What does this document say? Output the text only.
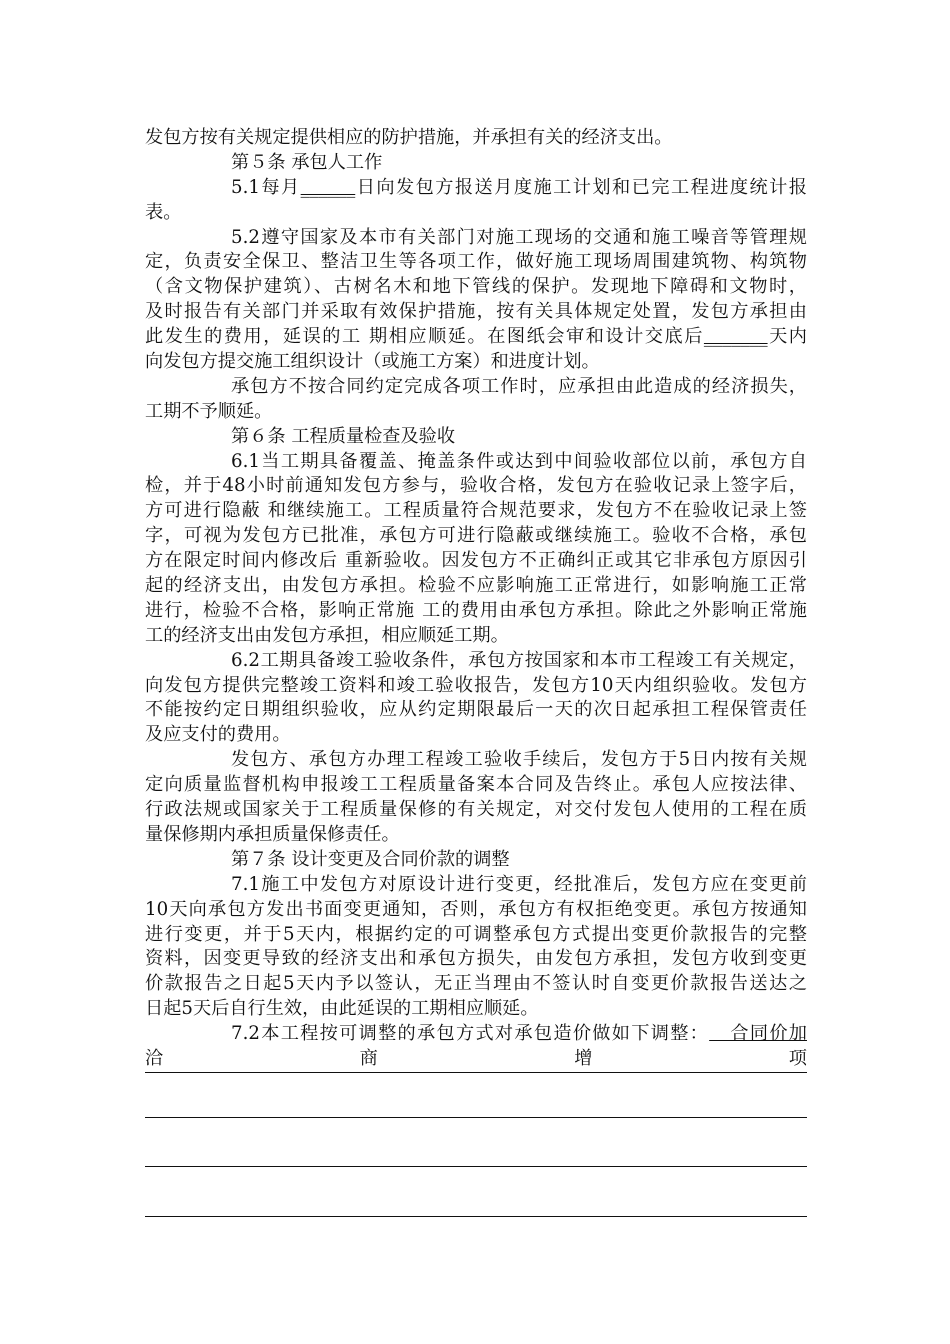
发包方按有关规定提供相应的防护措施，并承担有关的经济支出。
第５条 承包人工作
5.1每月______日向发包方报送月度施工计划和已完工程进度统计报
表。
5.2遵守国家及本市有关部门对施工现场的交通和施工噪音等管理规
定，负责安全保卫、整洁卫生等各项工作，做好施工现场周围建筑物、构筑物
（含文物保护建筑）、古树名木和地下管线的保护。发现地下障碍和文物时，
及时报告有关部门并采取有效保护措施，按有关具体规定处置，发包方承担由
此发生的费用，延误的工 期相应顺延。在图纸会审和设计交底后_______天内
向发包方提交施工组织设计（或施工方案）和进度计划。
承包方不按合同约定完成各项工作时，应承担由此造成的经济损失，
工期不予顺延。
第６条 工程质量检查及验收
6.1当工期具备覆盖、掩盖条件或达到中间验收部位以前，承包方自
检，并于48小时前通知发包方参与，验收合格，发包方在验收记录上签字后，
方可进行隐蔽 和继续施工。工程质量符合规范要求，发包方不在验收记录上签
字，可视为发包方已批准，承包方可进行隐蔽或继续施工。验收不合格，承包
方在限定时间内修改后 重新验收。因发包方不正确纠正或其它非承包方原因引
起的经济支出，由发包方承担。检验不应影响施工正常进行，如影响施工正常
进行，检验不合格，影响正常施 工的费用由承包方承担。除此之外影响正常施
工的经济支出由发包方承担，相应顺延工期。
6.2工期具备竣工验收条件，承包方按国家和本市工程竣工有关规定，
向发包方提供完整竣工资料和竣工验收报告，发包方10天内组织验收。发包方
不能按约定日期组织验收，应从约定期限最后一天的次日起承担工程保管责任
及应支付的费用。
发包方、承包方办理工程竣工验收手续后，发包方于5日内按有关规
定向质量监督机构申报竣工工程质量备案本合同及告终止。承包人应按法律、
行政法规或国家关于工程质量保修的有关规定，对交付发包人使用的工程在质
量保修期内承担质量保修责任。
第７条 设计变更及合同价款的调整
7.1施工中发包方对原设计进行变更，经批准后，发包方应在变更前
10天向承包方发出书面变更通知，否则，承包方有权拒绝变更。承包方按通知
进行变更，并于5天内，根据约定的可调整承包方式提出变更价款报告的完整
资料，因变更导致的经济支出和承包方损失，由发包方承担，发包方收到变更
价款报告之日起5天内予以签认，无正当理由不签认时自变更价款报告送达之
日起5天后自行生效，由此延误的工期相应顺延。
7.2本工程按可调整的承包方式对承包造价做如下调整：   合同价加
洽 商 增 项
